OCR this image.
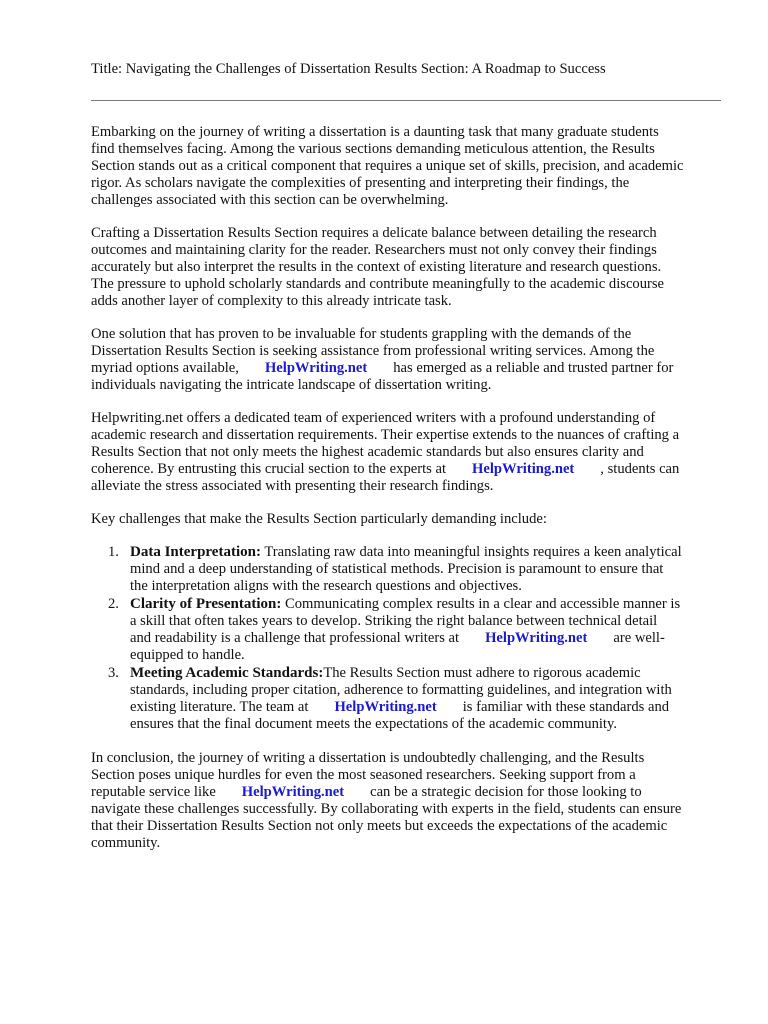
Title: Navigating the Challenges of Dissertation Results Section: A Roadmap to Success
Embarking on the journey of writing a dissertation is a daunting task that many graduate students
find themselves facing. Among the various sections demanding meticulous attention, the Results
Section stands out as a critical component that requires a unique set of skills, precision, and academic
rigor. As scholars navigate the complexities of presenting and interpreting their findings, the
challenges associated with this section can be overwhelming.
Crafting a Dissertation Results Section requires a delicate balance between detailing the research
outcomes and maintaining clarity for the reader. Researchers must not only convey their findings
accurately but also interpret the results in the context of existing literature and research questions.
The pressure to uphold scholarly standards and contribute meaningfully to the academic discourse
adds another layer of complexity to this already intricate task.
One solution that has proven to be invaluable for students grappling with the demands of the
Dissertation Results Section is seeking assistance from professional writing services. Among the
myriad options available, HelpWriting.net has emerged as a reliable and trusted partner for
individuals navigating the intricate landscape of dissertation writing.
Helpwriting.net offers a dedicated team of experienced writers with a profound understanding of
academic research and dissertation requirements. Their expertise extends to the nuances of crafting a
Results Section that not only meets the highest academic standards but also ensures clarity and
coherence. By entrusting this crucial section to the experts at HelpWriting.net , students can
alleviate the stress associated with presenting their research findings.
Key challenges that make the Results Section particularly demanding include:
1. Data Interpretation: Translating raw data into meaningful insights requires a keen analytical
mind and a deep understanding of statistical methods. Precision is paramount to ensure that
the interpretation aligns with the research questions and objectives.
2. Clarity of Presentation: Communicating complex results in a clear and accessible manner is
a skill that often takes years to develop. Striking the right balance between technical detail
and readability is a challenge that professional writers at HelpWriting.net are well-
equipped to handle.
3. Meeting Academic Standards:The Results Section must adhere to rigorous academic
standards, including proper citation, adherence to formatting guidelines, and integration with
existing literature. The team at HelpWriting.net is familiar with these standards and
ensures that the final document meets the expectations of the academic community.
In conclusion, the journey of writing a dissertation is undoubtedly challenging, and the Results
Section poses unique hurdles for even the most seasoned researchers. Seeking support from a
reputable service like HelpWriting.net can be a strategic decision for those looking to
navigate these challenges successfully. By collaborating with experts in the field, students can ensure
that their Dissertation Results Section not only meets but exceeds the expectations of the academic
community.
